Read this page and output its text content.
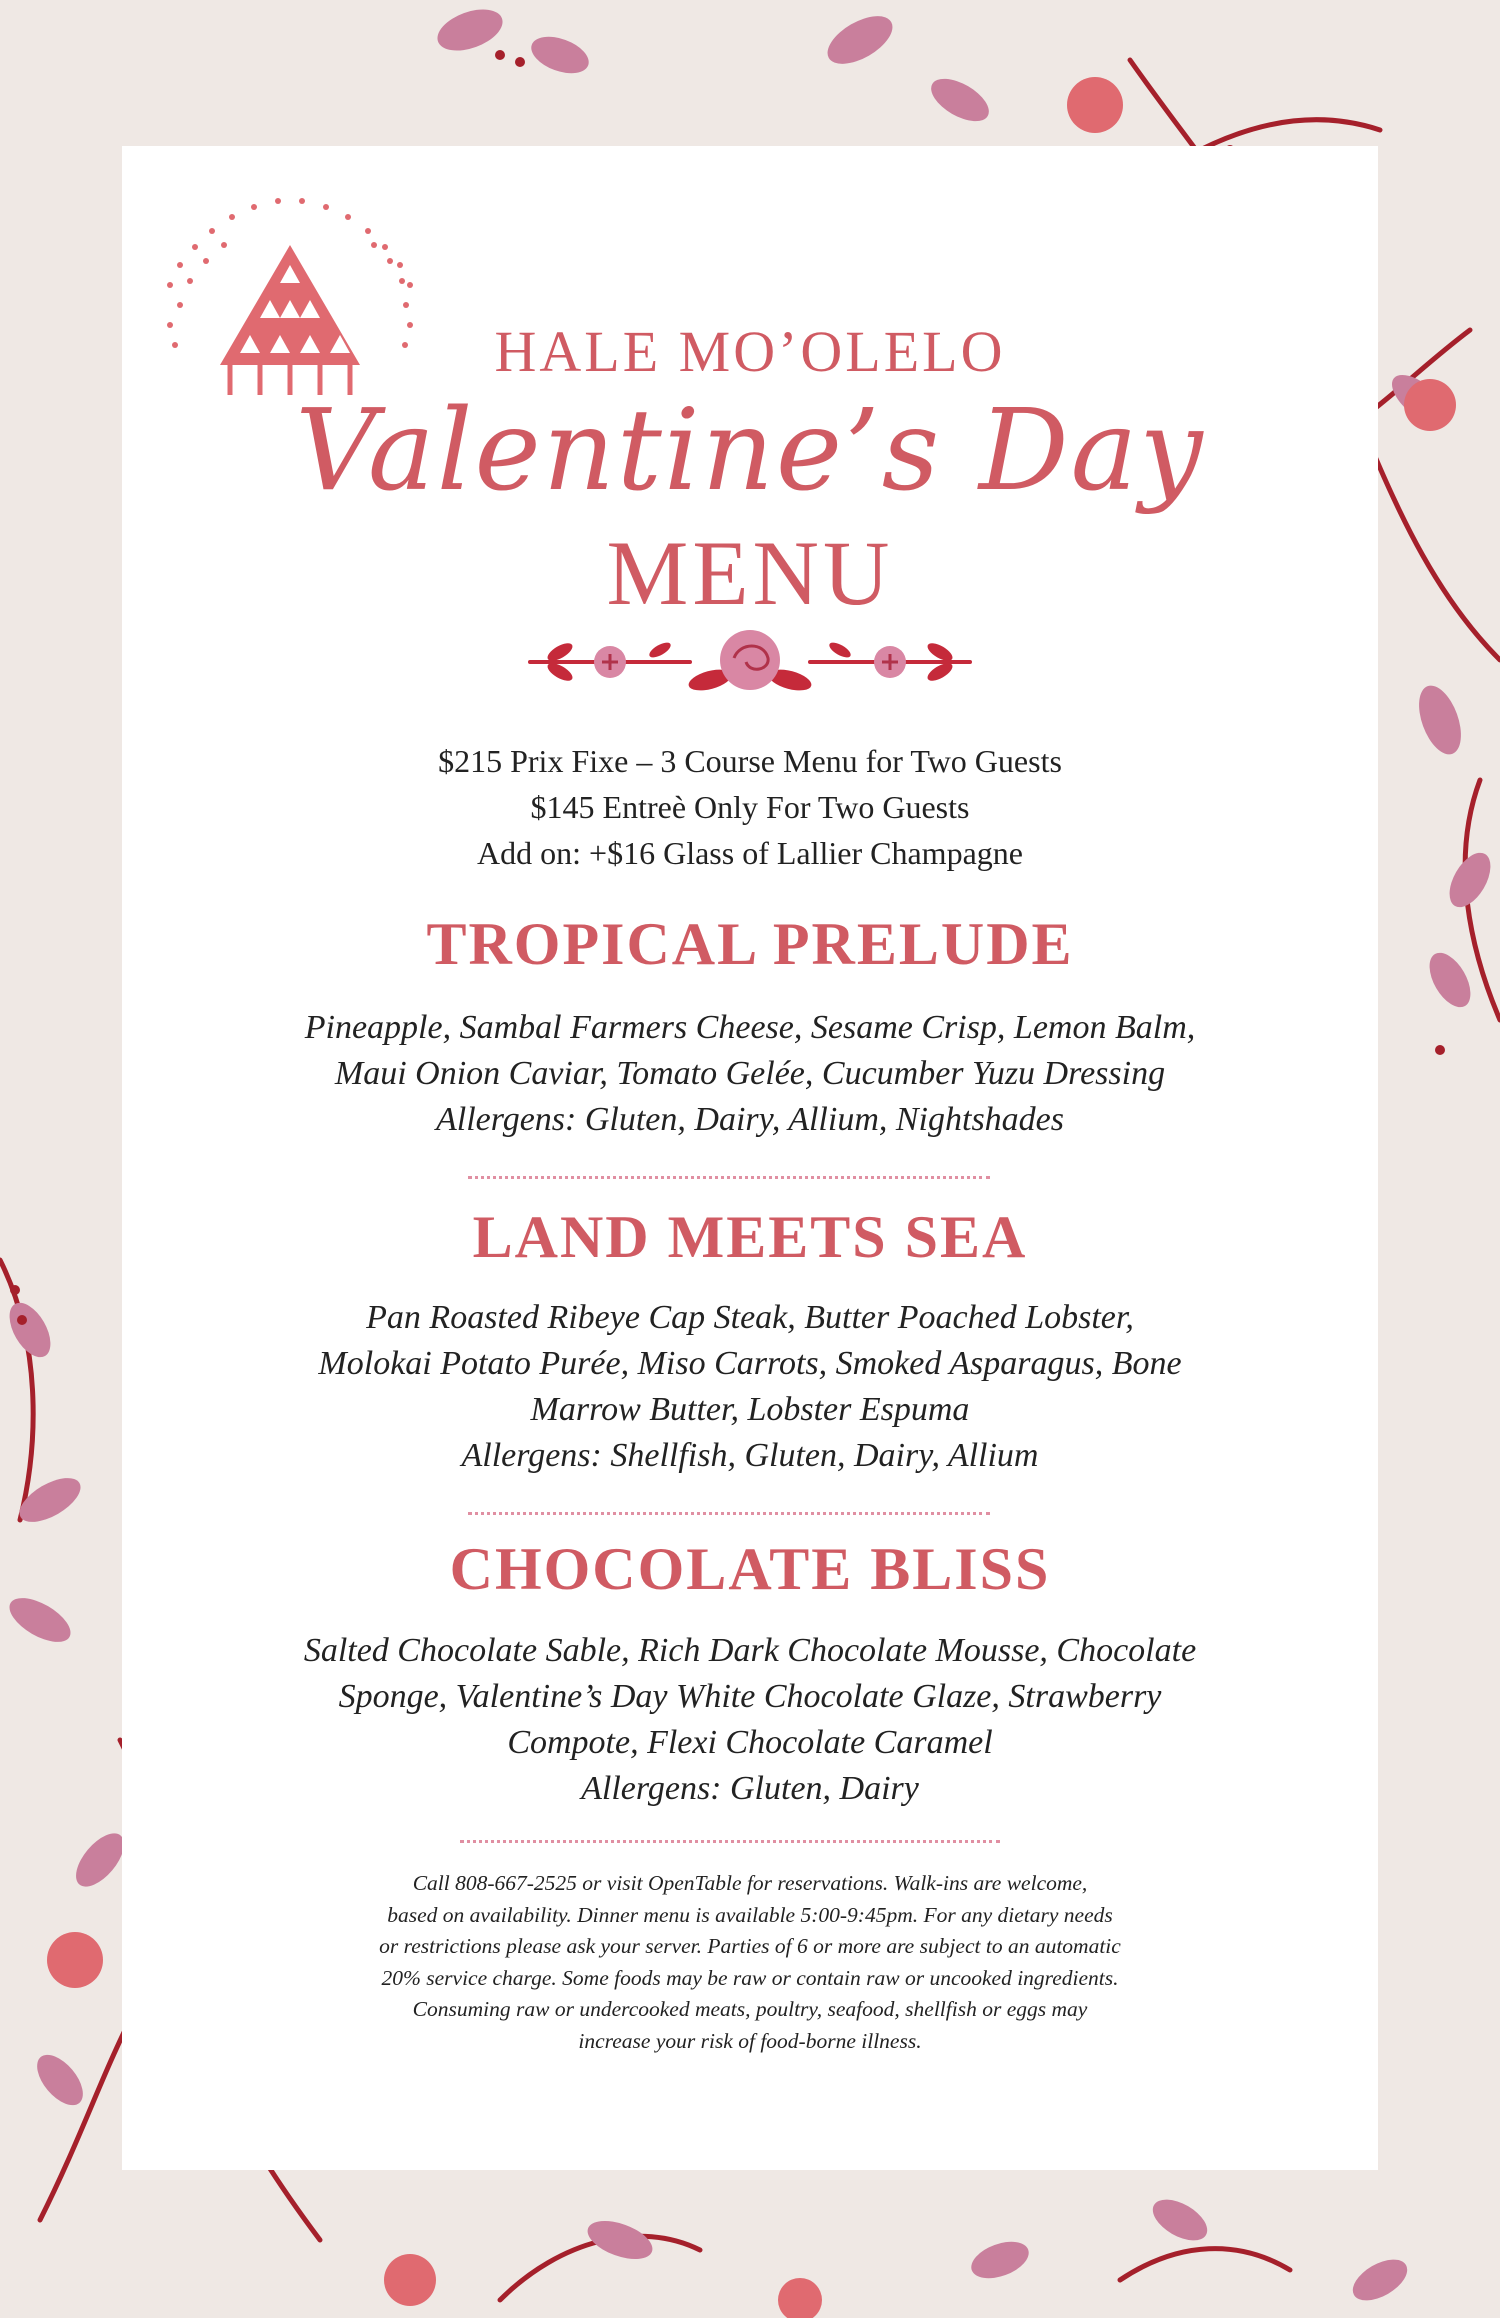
HALE MO’OLELO
Valentine’s Day
MENU
$215 Prix Fixe – 3 Course Menu for Two Guests
$145 Entreè Only For Two Guests
Add on: +$16 Glass of Lallier Champagne
TROPICAL PRELUDE
Pineapple, Sambal Farmers Cheese, Sesame Crisp, Lemon Balm,
Maui Onion Caviar, Tomato Gelée, Cucumber Yuzu Dressing
Allergens: Gluten, Dairy, Allium, Nightshades
LAND MEETS SEA
Pan Roasted Ribeye Cap Steak, Butter Poached Lobster,
Molokai Potato Purée, Miso Carrots, Smoked Asparagus, Bone
Marrow Butter, Lobster Espuma
Allergens: Shellfish, Gluten, Dairy, Allium
CHOCOLATE BLISS
Salted Chocolate Sable, Rich Dark Chocolate Mousse, Chocolate
Sponge, Valentine’s Day White Chocolate Glaze, Strawberry
Compote, Flexi Chocolate Caramel
Allergens: Gluten, Dairy
Call 808-667-2525 or visit OpenTable for reservations. Walk-ins are welcome,
based on availability. Dinner menu is available 5:00-9:45pm. For any dietary needs
or restrictions please ask your server. Parties of 6 or more are subject to an automatic
20% service charge. Some foods may be raw or contain raw or uncooked ingredients.
Consuming raw or undercooked meats, poultry, seafood, shellfish or eggs may
increase your risk of food-borne illness.
